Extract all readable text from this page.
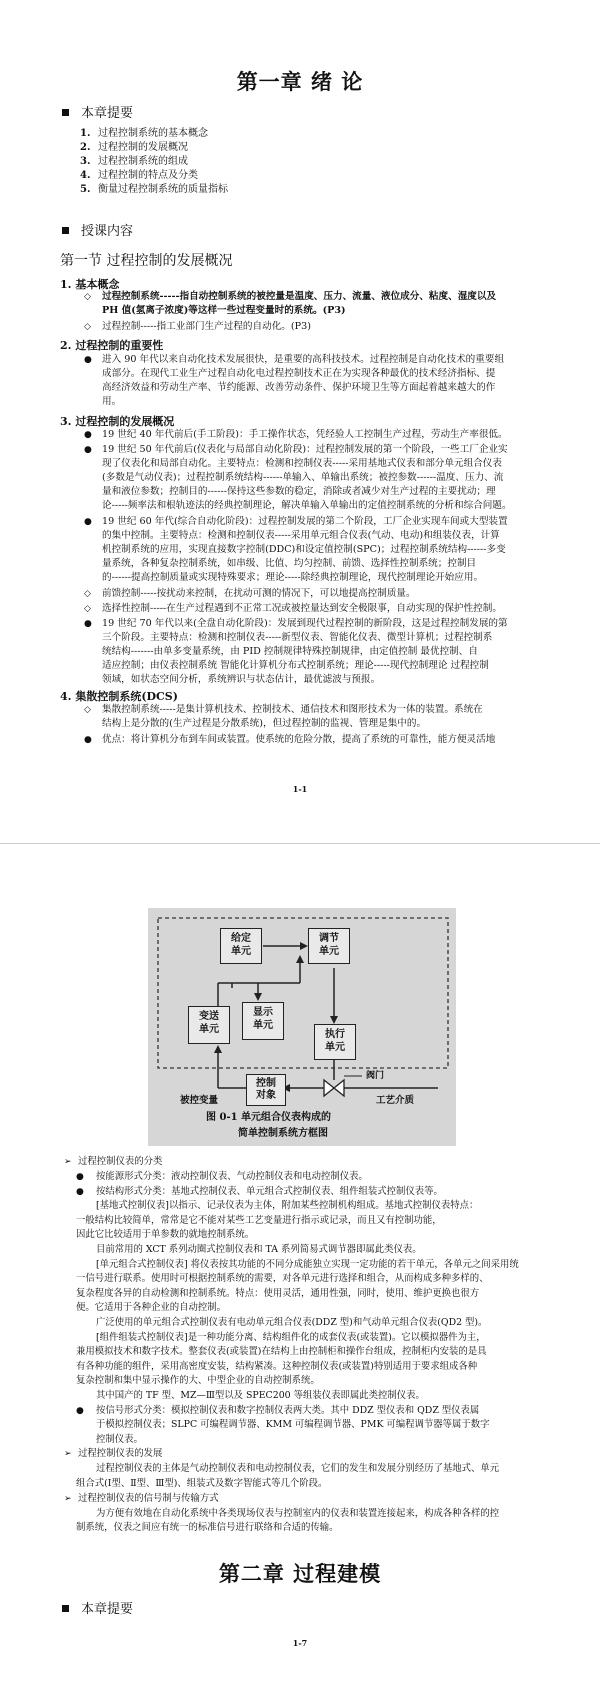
第一章 绪 论
本章提要
1. 过程控制系统的基本概念
2. 过程控制的发展概况
3. 过程控制系统的组成
4. 过程控制的特点及分类
5. 衡量过程控制系统的质量指标
授课内容
第一节 过程控制的发展概况
1. 基本概念
◇ 过程控制系统-----指自动控制系统的被控量是温度、压力、流量、液位成分、粘度、湿度以及
PH 值(氢离子浓度)等这样一些过程变量时的系统。(P3)
◇ 过程控制-----指工业部门生产过程的自动化。(P3)
2. 过程控制的重要性
● 进入 90 年代以来自动化技术发展很快，是重要的高科技技术。过程控制是自动化技术的重要组
成部分。在现代工业生产过程自动化电过程控制技术正在为实现各种最优的技术经济指标、提
高经济效益和劳动生产率、节约能源、改善劳动条件、保护环境卫生等方面起着越来越大的作
用。
3. 过程控制的发展概况
● 19 世纪 40 年代前后(手工阶段)：手工操作状态，凭经验人工控制生产过程，劳动生产率很低。
● 19 世纪 50 年代前后(仪表化与局部自动化阶段)：过程控制发展的第一个阶段，一些工厂企业实
现了仪表化和局部自动化。主要特点：检测和控制仪表-----采用基地式仪表和部分单元组合仪表
(多数是气动仪表)；过程控制系统结构------单输入、单输出系统；被控参数------温度、压力、流
量和液位参数；控制目的------保持这些参数的稳定，消除或者减少对生产过程的主要扰动；理
论-----频率法和根轨迹法的经典控制理论，解决单输入单输出的定值控制系统的分析和综合问题。
● 19 世纪 60 年代(综合自动化阶段)：过程控制发展的第二个阶段，工厂企业实现车间或大型装置
的集中控制。主要特点：检测和控制仪表-----采用单元组合仪表(气动、电动)和组装仪表，计算
机控制系统的应用，实现直接数字控制(DDC)和设定值控制(SPC)；过程控制系统结构------多变
量系统，各种复杂控制系统，如串级、比值、均匀控制、前馈、选择性控制系统；控制目
的------提高控制质量或实现特殊要求；理论-----除经典控制理论，现代控制理论开始应用。
◇ 前馈控制-----按扰动来控制，在扰动可测的情况下，可以地提高控制质量。
◇ 选择性控制-----在生产过程遇到不正常工况或被控量达到安全极限事，自动实现的保护性控制。
● 19 世纪 70 年代以来(全盘自动化阶段)：发展到现代过程控制的新阶段，这是过程控制发展的第
三个阶段。主要特点：检测和控制仪表-----新型仪表、智能化仪表、微型计算机；过程控制系
统结构-------由单多变量系统，由 PID 控制规律特殊控制规律，由定值控制 最优控制、自
适应控制；由仪表控制系统 智能化计算机分布式控制系统；理论-----现代控制理论 过程控制
领域，如状态空间分析，系统辨识与状态估计，最优滤波与预报。
4. 集散控制系统(DCS)
◇ 集散控制系统-----是集计算机技术、控制技术、通信技术和图形技术为一体的装置。系统在
结构上是分散的(生产过程是分散系统)，但过程控制的监视、管理是集中的。
● 优点：将计算机分布到车间或装置。使系统的危险分散，提高了系统的可靠性，能方便灵活地
1-1
给定
单元
调节
单元
变送
单元
显示
单元
执行
单元
控制
对象
阀门
被控变量	工艺介质
图 0-1 单元组合仪表构成的
简单控制系统方框图
➢ 过程控制仪表的分类
● 按能源形式分类：液动控制仪表、气动控制仪表和电动控制仪表。
● 按结构形式分类：基地式控制仪表、单元组合式控制仪表、组件组装式控制仪表等。
[基地式控制仪表]以指示、记录仪表为主体，附加某些控制机构组成。基地式控制仪表特点：
一般结构比较简单，常常是它不能对某些工艺变量进行指示或记录，而且又有控制功能，
因此它比较适用于单参数的就地控制系统。
目前常用的 XCT 系列动圈式控制仪表和 TA 系列简易式调节器即属此类仪表。
[单元组合式控制仪表] 将仪表按其功能的不同分成能独立实现一定功能的若干单元，各单元之间采用统
一信号进行联系。使用时可根据控制系统的需要，对各单元进行选择和组合，从而构成多种多样的、
复杂程度各异的自动检测和控制系统。特点：使用灵活，通用性强，同时，使用、维护更换也很方
便。它适用于各种企业的自动控制。
广泛使用的单元组合式控制仪表有电动单元组合仪表(DDZ 型)和气动单元组合仪表(QD2 型)。
[组件组装式控制仪表]是一种功能分离、结构组件化的成套仪表(或装置)。它以模拟器件为主，
兼用模拟技术和数字技术。整套仪表(或装置)在结构上由控制柜和操作台组成，控制柜内安装的是具
有各种功能的组件，采用高密度安装，结构紧凑。这种控制仪表(或装置)特别适用于要求组成各种
复杂控制和集中显示操作的大、中型企业的自动控制系统。
其中国产的 TF 型、MZ—Ⅲ型以及 SPEC200 等组装仪表即属此类控制仪表。
● 按信号形式分类：模拟控制仪表和数字控制仪表两大类。其中 DDZ 型仪表和 QDZ 型仪表属
于模拟控制仪表；SLPC 可编程调节器、KMM 可编程调节器、PMK 可编程调节器等属于数字
控制仪表。
➢ 过程控制仪表的发展
过程控制仪表的主体是气动控制仪表和电动控制仪表，它们的发生和发展分别经历了基地式、单元
组合式(Ⅰ型、Ⅱ型、Ⅲ型)、组装式及数字智能式等几个阶段。
➢ 过程控制仪表的信号制与传输方式
为方便有效地在自动化系统中各类现场仪表与控制室内的仪表和装置连接起来，构成各种各样的控
制系统，仪表之间应有统一的标准信号进行联络和合适的传输。
第二章 过程建模
本章提要
1-7
